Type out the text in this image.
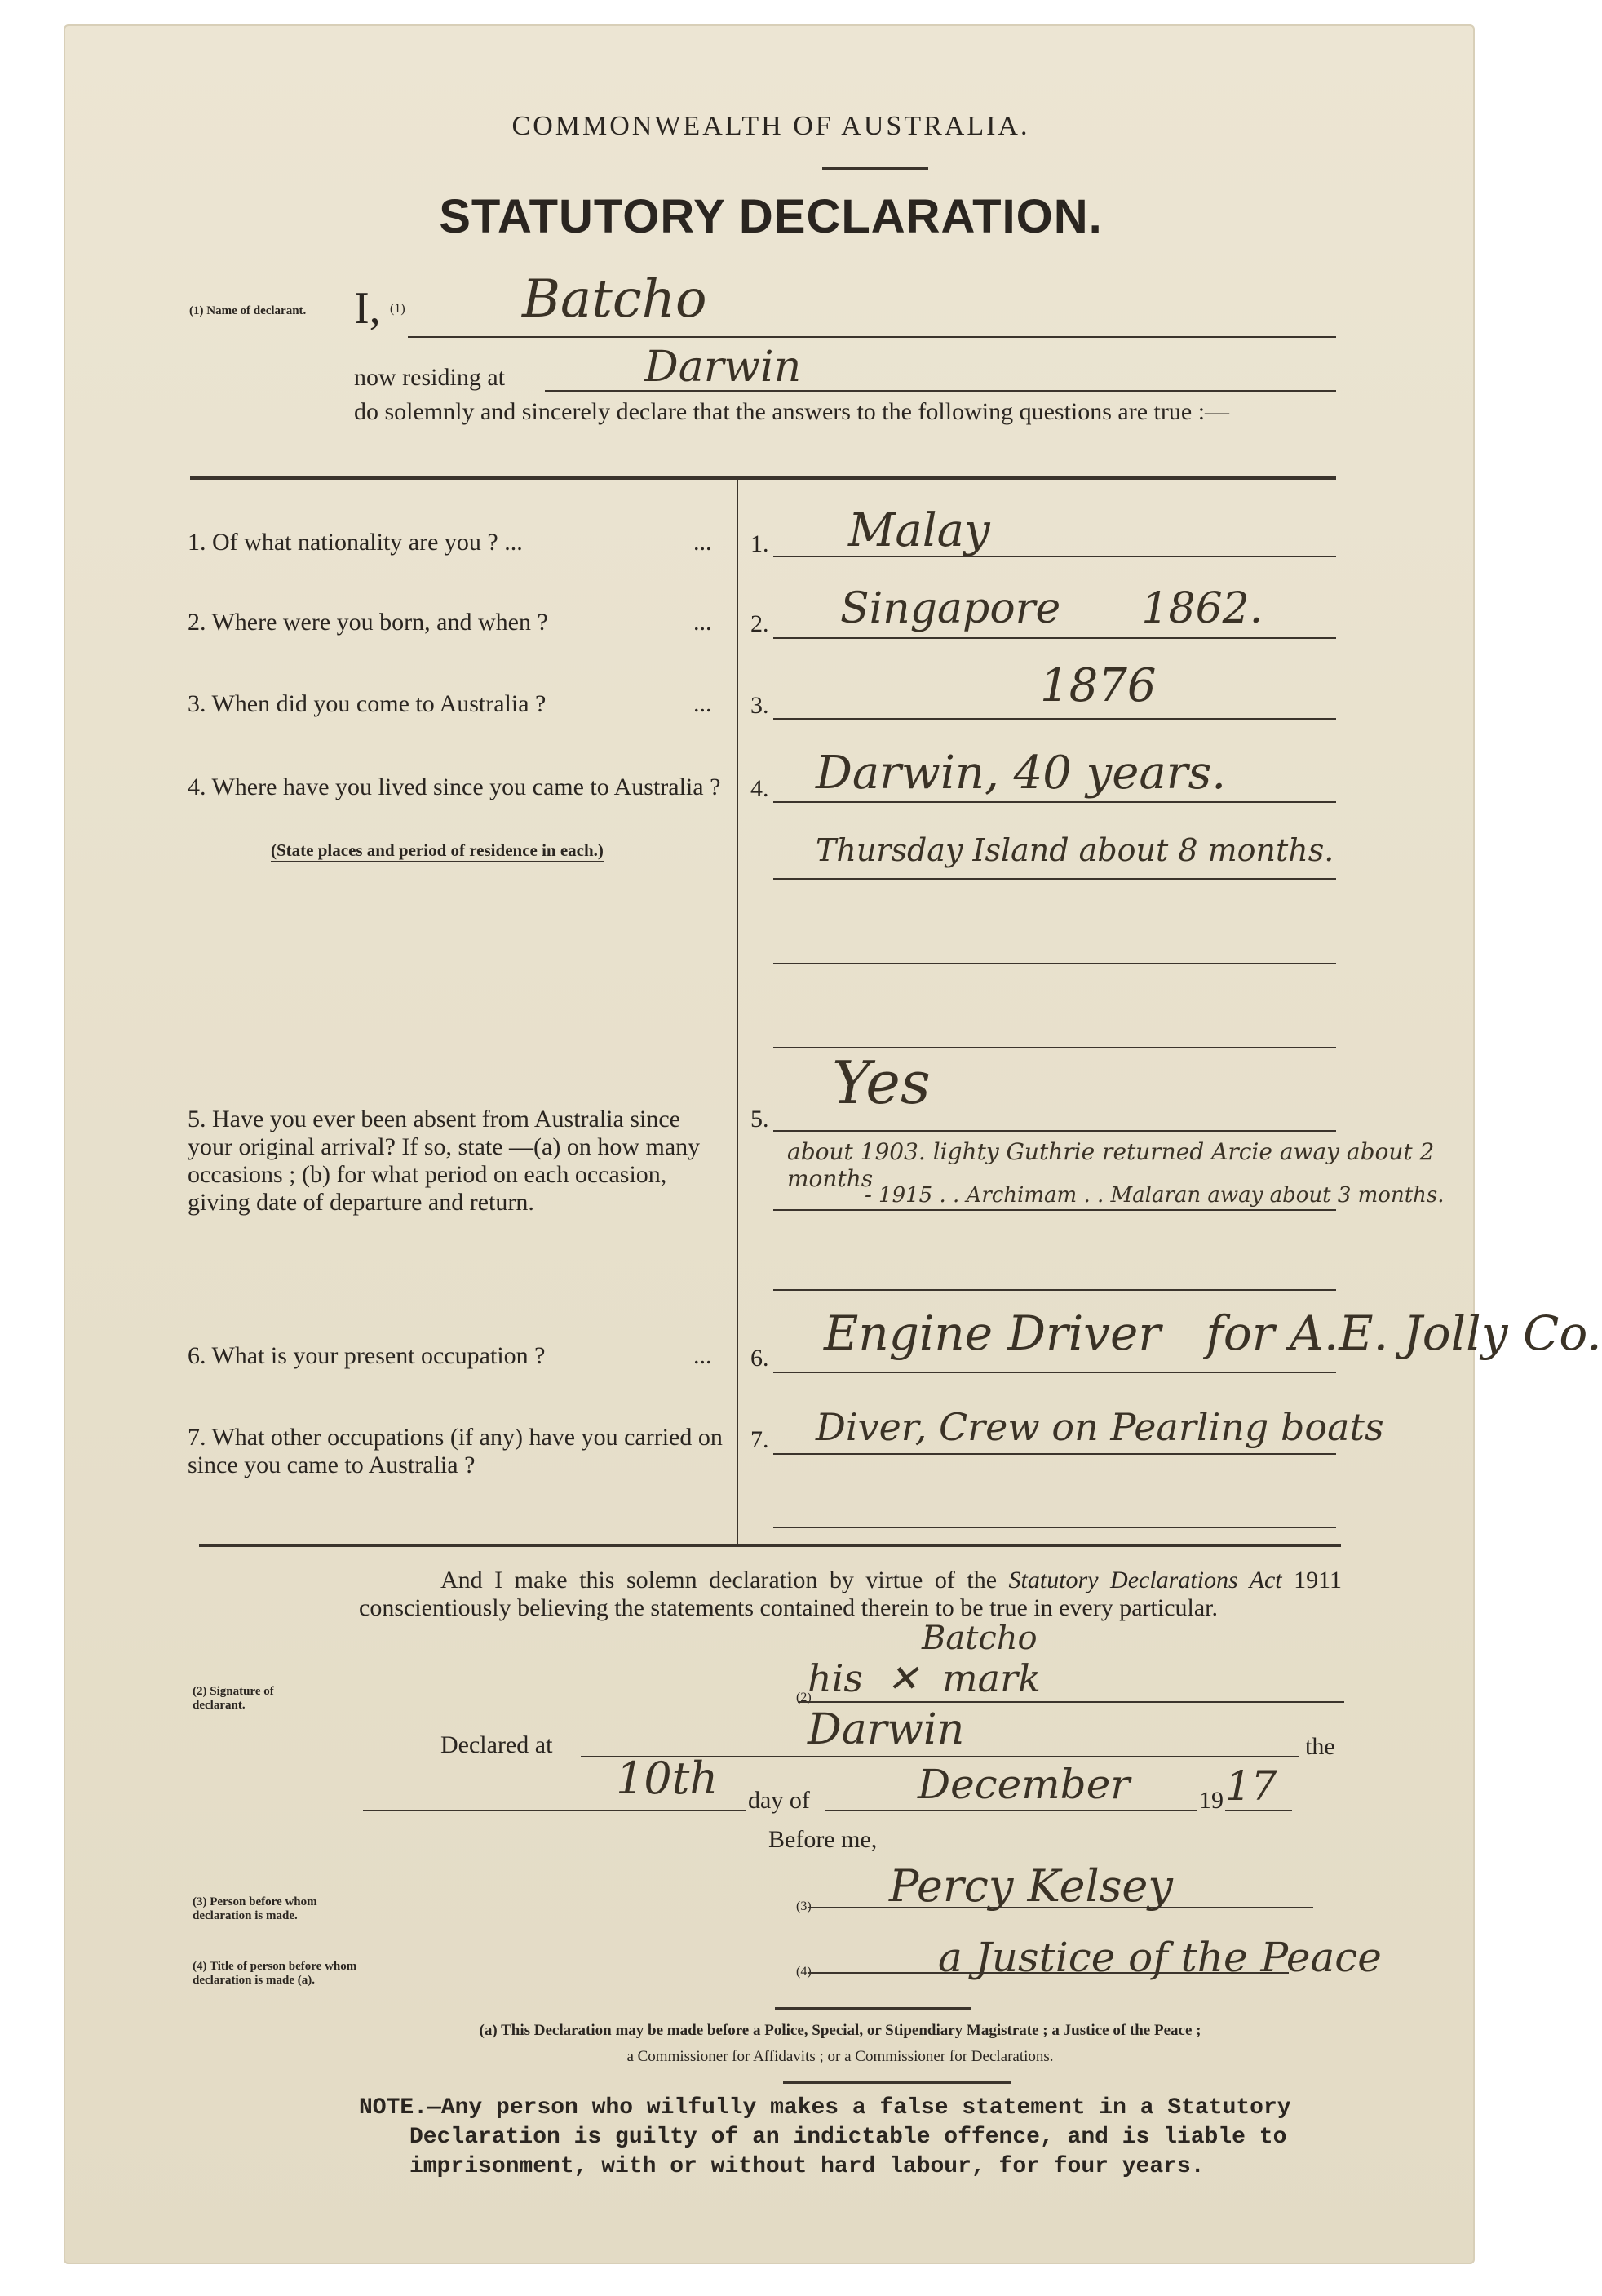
COMMONWEALTH OF AUSTRALIA.
STATUTORY DECLARATION.
(1) Name of declarant. I, (1) Batcho
now residing at	Darwin
do solemnly and sincerely declare that the answers to the following questions are true :—
1. Of what nationality are you ? ...	... 1. Malay
2. Where were you born, and when ?	... 2. Singapore      1862.
3. When did you come to Australia ?	... 3.	1876
4. Where have you lived since you came to Australia ?
(State places and period of residence in each.)
4. Darwin, 40 years.
Thursday Island about 8 months.
5. Have you ever been absent from Australia since your original arrival? If so, state —(a) on how many occasions ; (b) for what period on each occasion, giving date of departure and return.
5.
Yes
about 1903. lighty Guthrie returned Arcie away about 2 months
- 1915 . . Archimam . . Malaran away about 3 months.
6. What is your present occupation ?	... 6. Engine Driver   for A.E. Jolly Co.
7. What other occupations (if any) have you carried on since you came to Australia ?
7. Diver, Crew on Pearling boats
And I make this solemn declaration by virtue of the Statutory Declarations Act 1911 conscientiously believing the statements contained therein to be true in every particular.
(2) Signature of declarant.
Batcho
(2)
his  ✕  mark
Declared at	Darwin	the
10th day of	December	19 17
Before me,
(3) Person before whom declaration is made.
(3) Percy Kelsey
(4) Title of person before whom declaration is made (a).
(4)	a Justice of the Peace
(a) This Declaration may be made before a Police, Special, or Stipendiary Magistrate ; a Justice of the Peace ;
a Commissioner for Affidavits ; or a Commissioner for Declarations.
NOTE.—Any person who wilfully makes a false statement in a Statutory Declaration is guilty of an indictable offence, and is liable to imprisonment, with or without hard labour, for four years.
